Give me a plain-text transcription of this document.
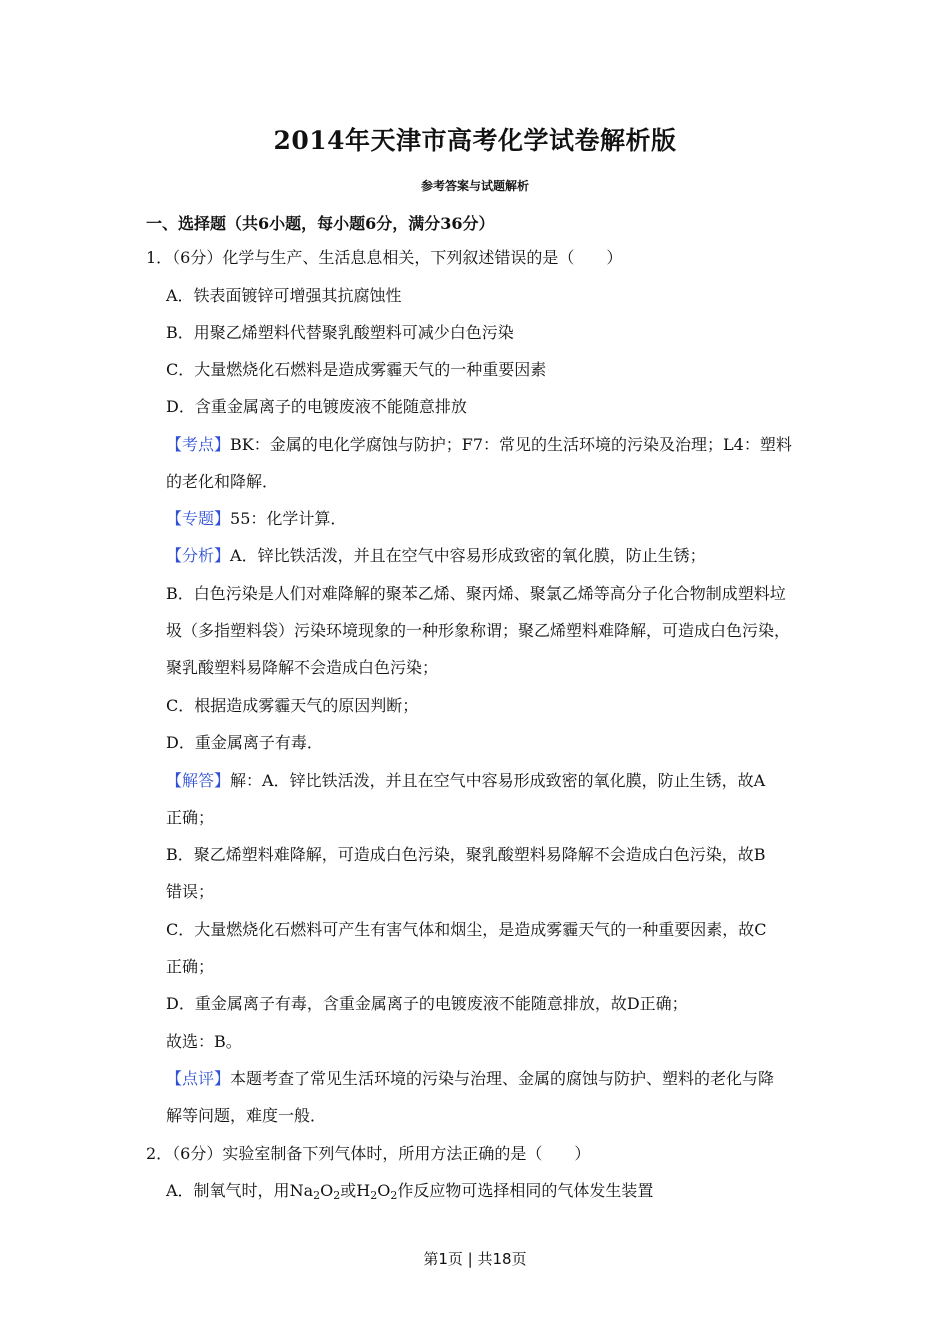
2014年天津市高考化学试卷解析版
参考答案与试题解析
一、选择题（共6小题，每小题6分，满分36分）
1．（6分）化学与生产、生活息息相关，下列叙述错误的是（　　）
A．铁表面镀锌可增强其抗腐蚀性
B．用聚乙烯塑料代替聚乳酸塑料可减少白色污染
C．大量燃烧化石燃料是造成雾霾天气的一种重要因素
D．含重金属离子的电镀废液不能随意排放
【考点】BK：金属的电化学腐蚀与防护；F7：常见的生活环境的污染及治理；L4：塑料
的老化和降解．
【专题】55：化学计算．
【分析】A．锌比铁活泼，并且在空气中容易形成致密的氧化膜，防止生锈；
B．白色污染是人们对难降解的聚苯乙烯、聚丙烯、聚氯乙烯等高分子化合物制成塑料垃
圾（多指塑料袋）污染环境现象的一种形象称谓；聚乙烯塑料难降解，可造成白色污染，
聚乳酸塑料易降解不会造成白色污染；
C．根据造成雾霾天气的原因判断；
D．重金属离子有毒．
【解答】解：A．锌比铁活泼，并且在空气中容易形成致密的氧化膜，防止生锈，故A
正确；
B．聚乙烯塑料难降解，可造成白色污染，聚乳酸塑料易降解不会造成白色污染，故B
错误；
C．大量燃烧化石燃料可产生有害气体和烟尘，是造成雾霾天气的一种重要因素，故C
正确；
D．重金属离子有毒，含重金属离子的电镀废液不能随意排放，故D正确；
故选：B。
【点评】本题考查了常见生活环境的污染与治理、金属的腐蚀与防护、塑料的老化与降
解等问题，难度一般．
2．（6分）实验室制备下列气体时，所用方法正确的是（　　）
A．制氧气时，用$Na_2O_2$或$H_2O_2$作反应物可选择相同的气体发生装置
第1页 | 共18页
